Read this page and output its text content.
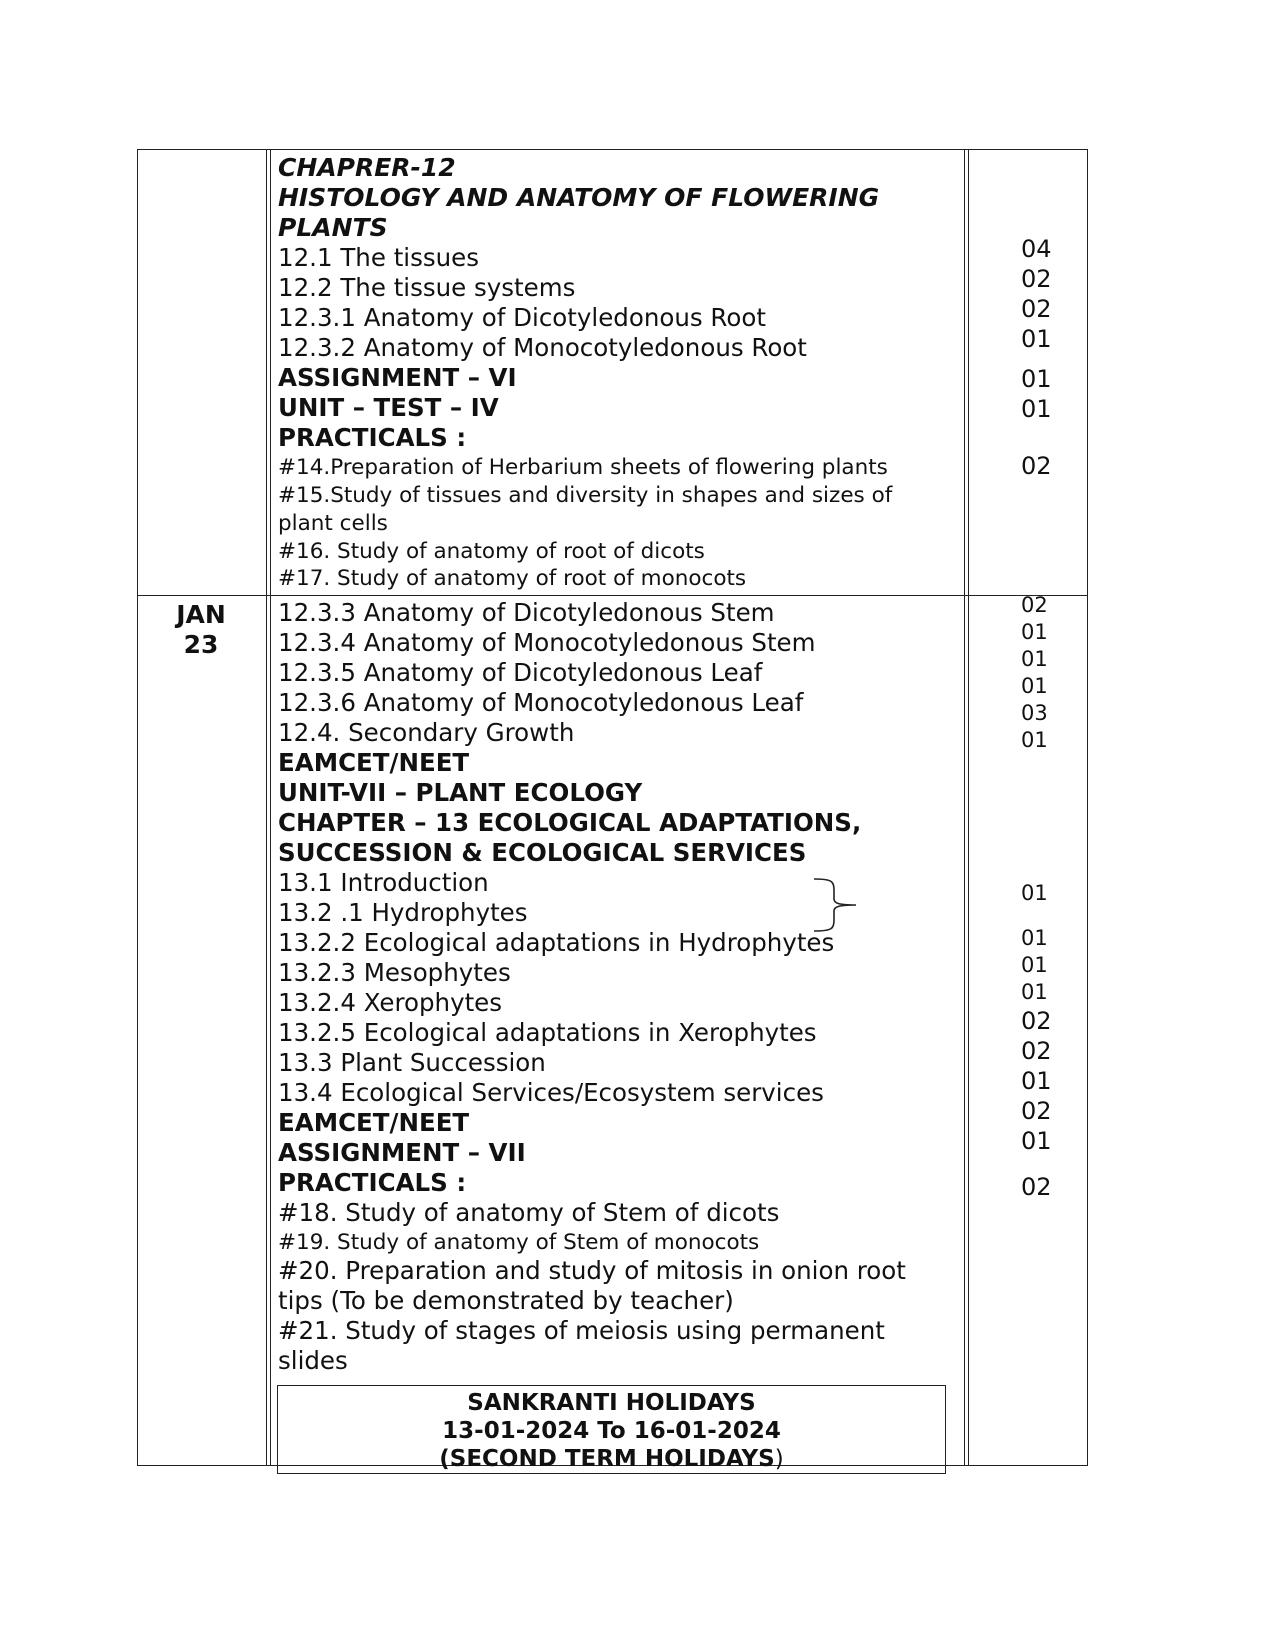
CHAPRER-12
HISTOLOGY AND ANATOMY OF FLOWERING
PLANTS
12.1 The tissues
12.2 The tissue systems
12.3.1 Anatomy of Dicotyledonous Root
12.3.2 Anatomy of Monocotyledonous Root
ASSIGNMENT – VI
UNIT – TEST – IV
PRACTICALS :
#14.Preparation of Herbarium sheets of flowering plants
#15.Study of tissues and diversity in shapes and sizes of
plant cells
#16. Study of anatomy of root of dicots
#17. Study of anatomy of root of monocots
04
02
02
01
01
01
02
JAN
23
12.3.3 Anatomy of Dicotyledonous Stem
12.3.4 Anatomy of Monocotyledonous Stem
12.3.5 Anatomy of Dicotyledonous Leaf
12.3.6 Anatomy of Monocotyledonous Leaf
12.4. Secondary Growth
EAMCET/NEET
UNIT-VII – PLANT ECOLOGY
CHAPTER – 13 ECOLOGICAL ADAPTATIONS,
SUCCESSION & ECOLOGICAL SERVICES
13.1 Introduction
13.2 .1 Hydrophytes
13.2.2 Ecological adaptations in Hydrophytes
13.2.3 Mesophytes
13.2.4 Xerophytes
13.2.5 Ecological adaptations in Xerophytes
13.3 Plant Succession
13.4 Ecological Services/Ecosystem services
EAMCET/NEET
ASSIGNMENT – VII
PRACTICALS :
#18. Study of anatomy of Stem of dicots
#19. Study of anatomy of Stem of monocots
#20. Preparation and study of mitosis in onion root
tips (To be demonstrated by teacher)
#21. Study of stages of meiosis using permanent
slides
02
01
01
01
03
01
01
01
01
01
02
02
01
02
01
02
SANKRANTI HOLIDAYS
13-01-2024 To 16-01-2024
(SECOND TERM HOLIDAYS)
